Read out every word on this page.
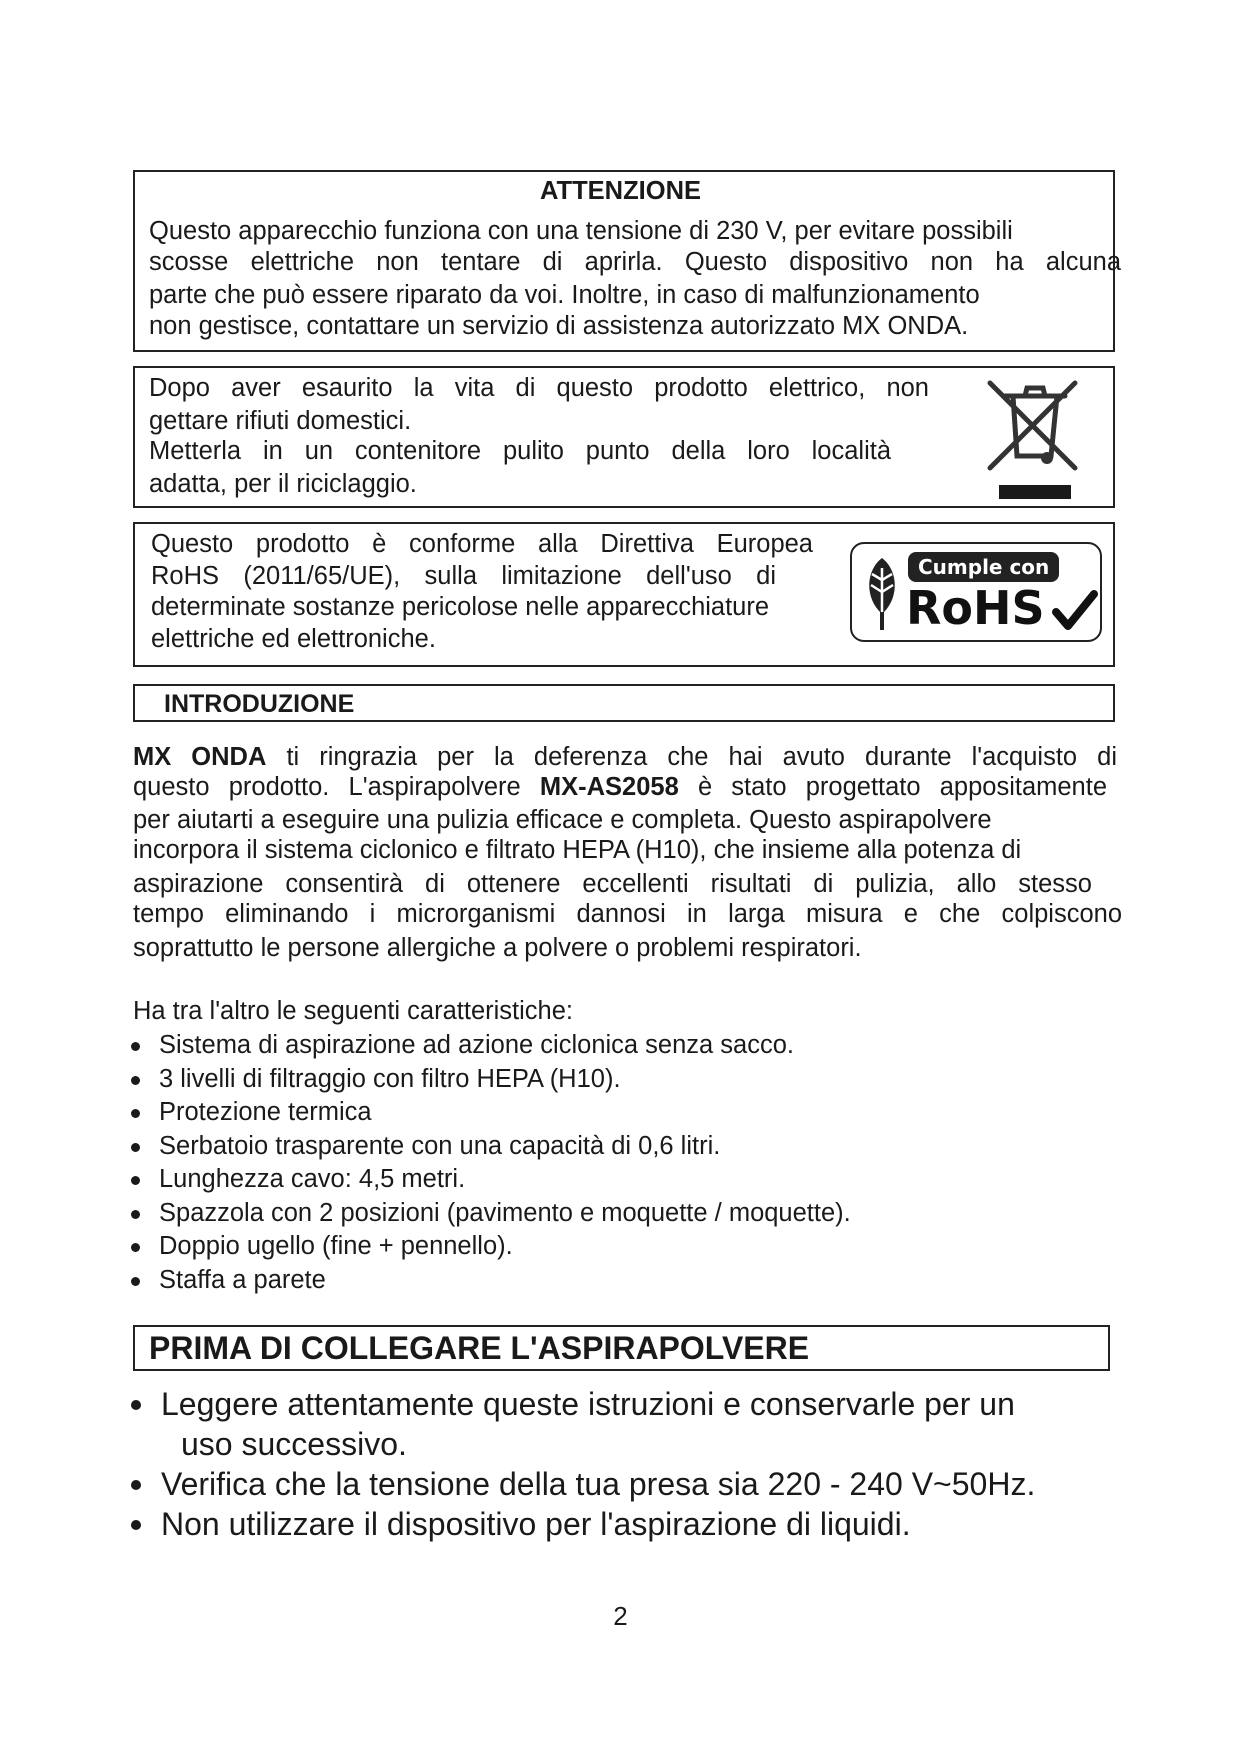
ATTENZIONE
Questo apparecchio funziona con una tensione di 230 V, per evitare possibili
scosse elettriche non tentare di aprirla. Questo dispositivo non ha alcuna
parte che può essere riparato da voi. Inoltre, in caso di malfunzionamento
non gestisce, contattare un servizio di assistenza autorizzato MX ONDA.
Dopo aver esaurito la vita di questo prodotto elettrico, non
gettare rifiuti domestici.
Metterla in un contenitore pulito punto della loro località
adatta, per il riciclaggio.
Questo prodotto è conforme alla Direttiva Europea
RoHS (2011/65/UE), sulla limitazione dell'uso di
determinate sostanze pericolose nelle apparecchiature
elettriche ed elettroniche.
Cumple con
RoHS
INTRODUZIONE
MX ONDA ti ringrazia per la deferenza che hai avuto durante l'acquisto di
questo prodotto. L'aspirapolvere MX-AS2058 è stato progettato appositamente
per aiutarti a eseguire una pulizia efficace e completa. Questo aspirapolvere
incorpora il sistema ciclonico e filtrato HEPA (H10), che insieme alla potenza di
aspirazione consentirà di ottenere eccellenti risultati di pulizia, allo stesso
tempo eliminando i microrganismi dannosi in larga misura e che colpiscono
soprattutto le persone allergiche a polvere o problemi respiratori.
Ha tra l'altro le seguenti caratteristiche:
Sistema di aspirazione ad azione ciclonica senza sacco.
3 livelli di filtraggio con filtro HEPA (H10).
Protezione termica
Serbatoio trasparente con una capacità di 0,6 litri.
Lunghezza cavo: 4,5 metri.
Spazzola con 2 posizioni (pavimento e moquette / moquette).
Doppio ugello (fine + pennello).
Staffa a parete
PRIMA DI COLLEGARE L'ASPIRAPOLVERE
Leggere attentamente queste istruzioni e conservarle per un
uso successivo.
Verifica che la tensione della tua presa sia 220 - 240 V~50Hz.
Non utilizzare il dispositivo per l'aspirazione di liquidi.
2
